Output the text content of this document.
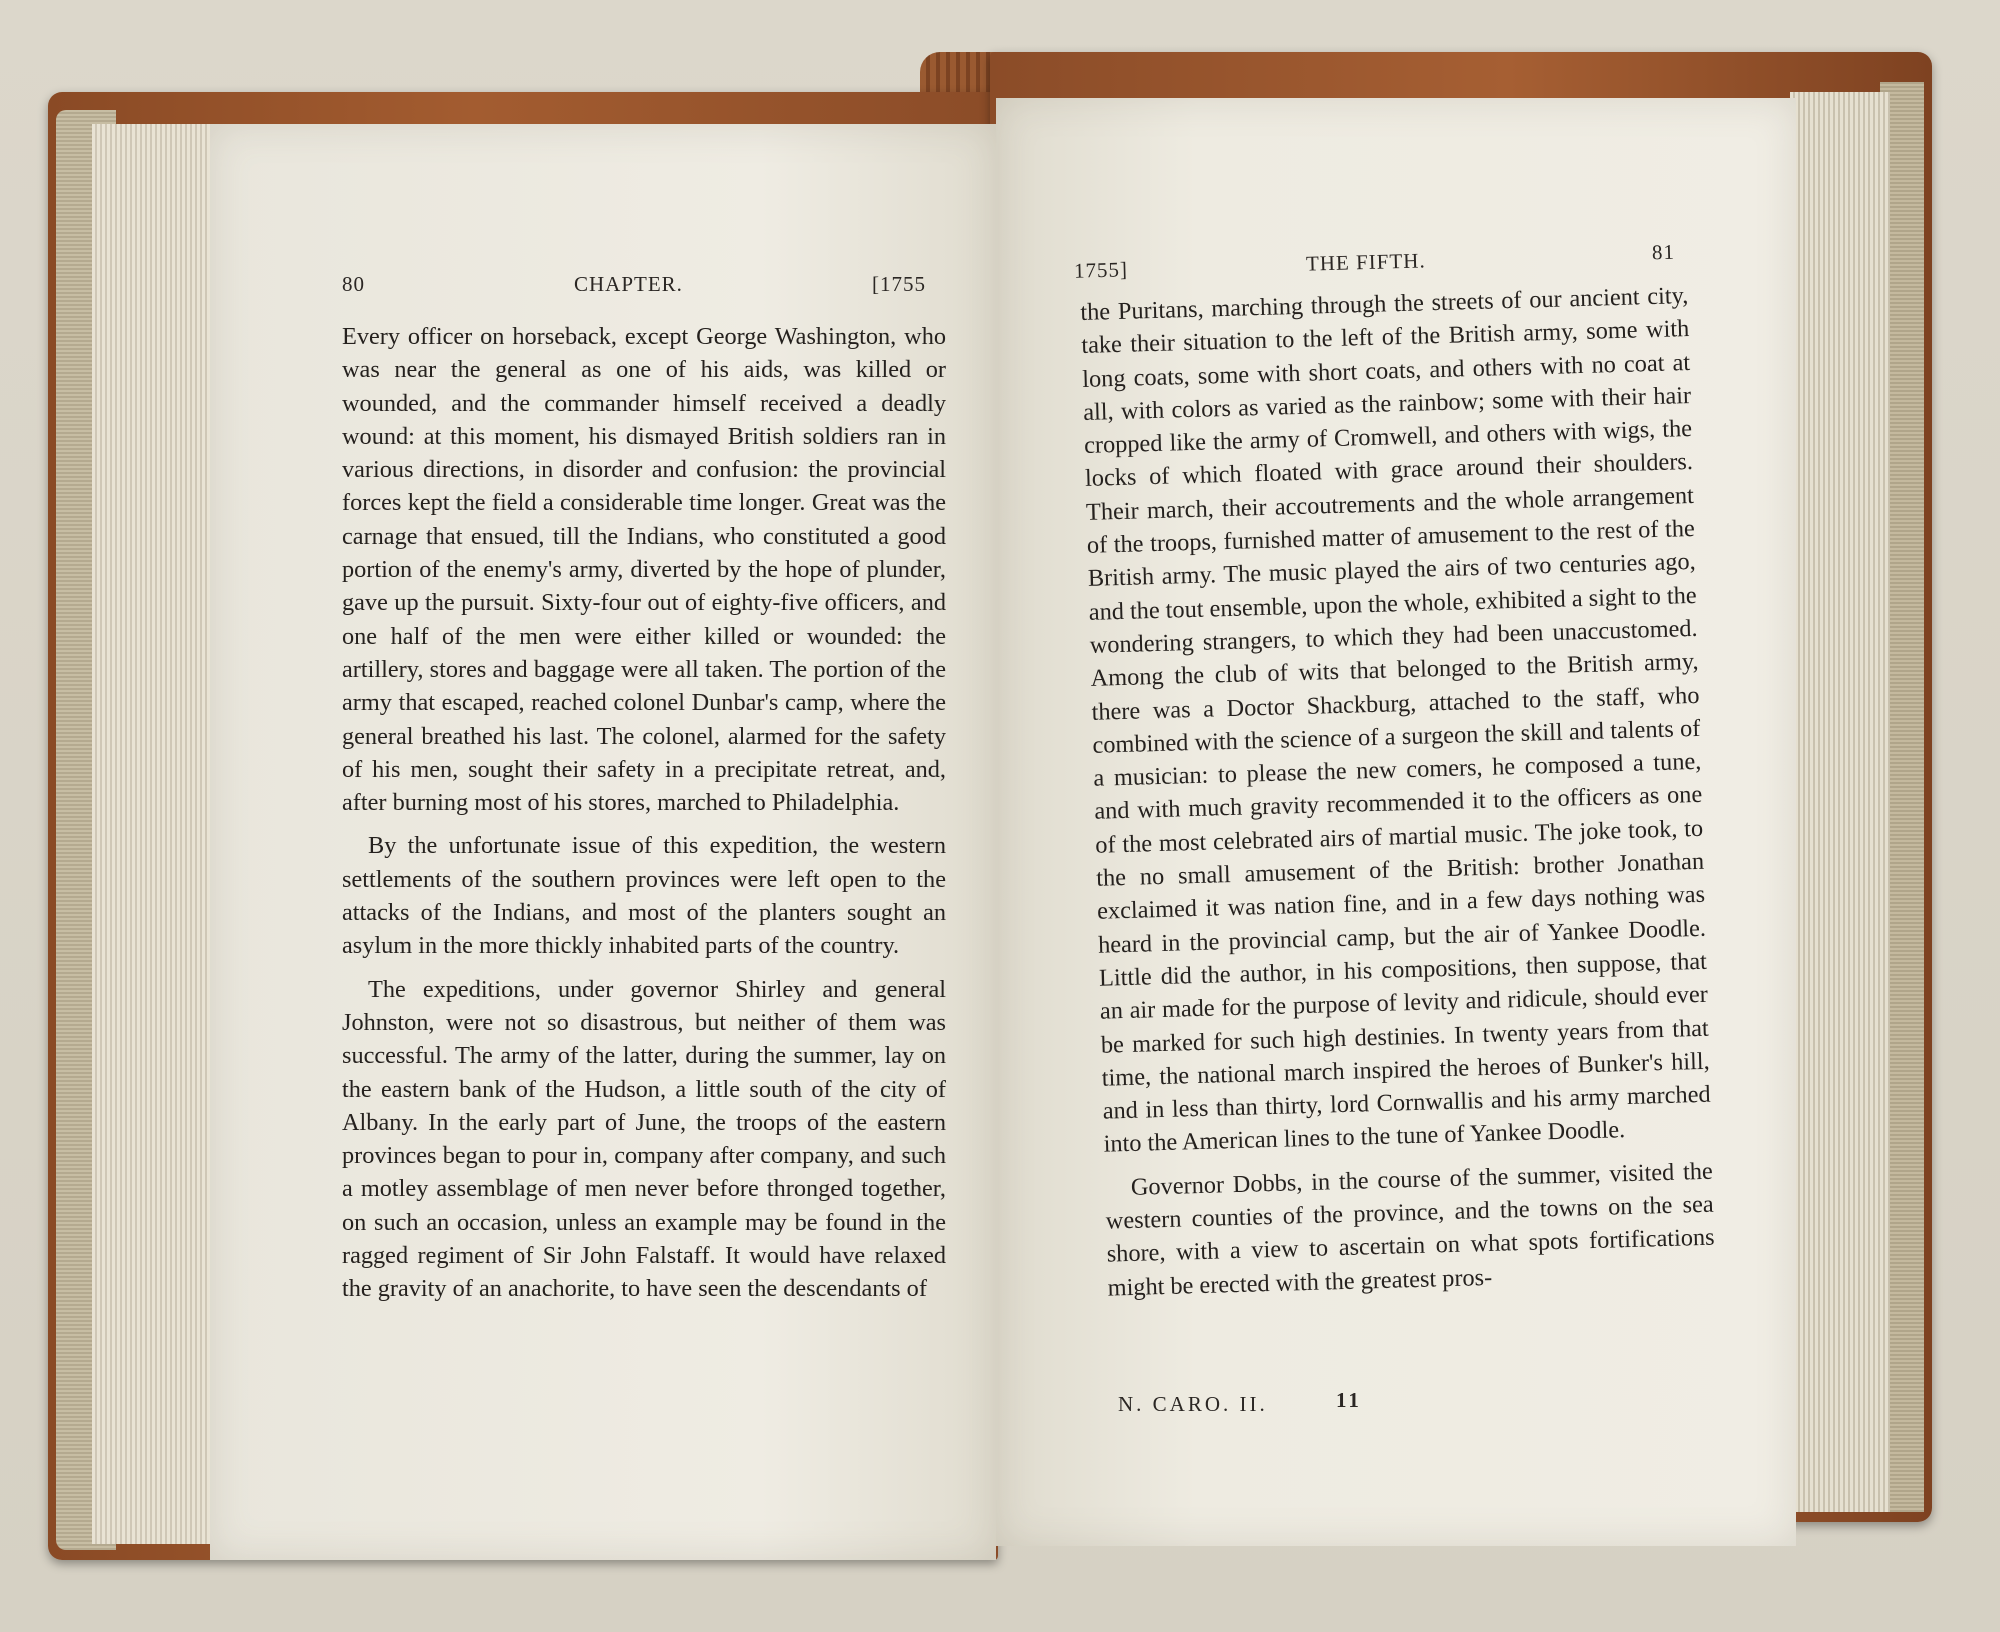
80	CHAPTER.	[1755

Every officer on horseback, except George Washington, who was near the general as one of his aids, was killed or wounded, and the commander himself received a deadly wound: at this moment, his dismayed British soldiers ran in various directions, in disorder and confusion: the provincial forces kept the field a considerable time longer. Great was the carnage that ensued, till the Indians, who constituted a good portion of the enemy's army, diverted by the hope of plunder, gave up the pursuit. Sixty-four out of eighty-five officers, and one half of the men were either killed or wounded: the artillery, stores and baggage were all taken. The portion of the army that escaped, reached colonel Dunbar's camp, where the general breathed his last. The colonel, alarmed for the safety of his men, sought their safety in a precipitate retreat, and, after burning most of his stores, marched to Philadelphia.

By the unfortunate issue of this expedition, the western settlements of the southern provinces were left open to the attacks of the Indians, and most of the planters sought an asylum in the more thickly inhabited parts of the country.

The expeditions, under governor Shirley and general Johnston, were not so disastrous, but neither of them was successful. The army of the latter, during the summer, lay on the eastern bank of the Hudson, a little south of the city of Albany. In the early part of June, the troops of the eastern provinces began to pour in, company after company, and such a motley assemblage of men never before thronged together, on such an occasion, unless an example may be found in the ragged regiment of Sir John Falstaff. It would have relaxed the gravity of an anachorite, to have seen the descendants of

1755]	THE FIFTH.	81

the Puritans, marching through the streets of our ancient city, take their situation to the left of the British army, some with long coats, some with short coats, and others with no coat at all, with colors as varied as the rainbow; some with their hair cropped like the army of Cromwell, and others with wigs, the locks of which floated with grace around their shoulders. Their march, their accoutrements and the whole arrangement of the troops, furnished matter of amusement to the rest of the British army. The music played the airs of two centuries ago, and the tout ensemble, upon the whole, exhibited a sight to the wondering strangers, to which they had been unaccustomed. Among the club of wits that belonged to the British army, there was a Doctor Shackburg, attached to the staff, who combined with the science of a surgeon the skill and talents of a musician: to please the new comers, he composed a tune, and with much gravity recommended it to the officers as one of the most celebrated airs of martial music. The joke took, to the no small amusement of the British: brother Jonathan exclaimed it was nation fine, and in a few days nothing was heard in the provincial camp, but the air of Yankee Doodle. Little did the author, in his compositions, then suppose, that an air made for the purpose of levity and ridicule, should ever be marked for such high destinies. In twenty years from that time, the national march inspired the heroes of Bunker's hill, and in less than thirty, lord Cornwallis and his army marched into the American lines to the tune of Yankee Doodle.

Governor Dobbs, in the course of the summer, visited the western counties of the province, and the towns on the sea shore, with a view to ascertain on what spots fortifications might be erected with the greatest pros-

N. CARO. II.	11
